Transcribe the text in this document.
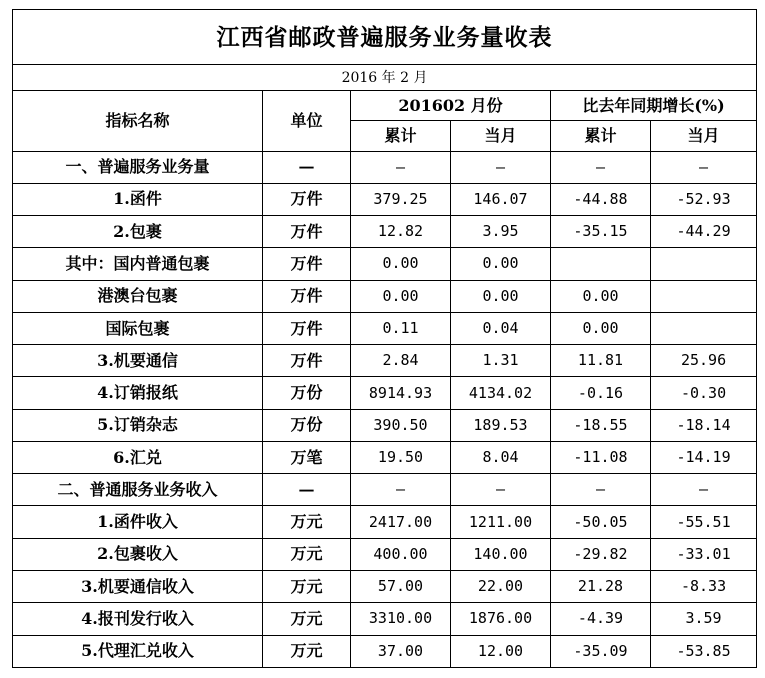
江西省邮政普遍服务业务量收表					
2016 年 2 月					
指标名称	单位	201602 月份		比去年同期增长(%)	
		累计	当月	累计	当月
一、普遍服务业务量	—	—	—	—	—
1.函件	万件	379.25	146.07	-44.88	-52.93
2.包裹	万件	12.82	3.95	-35.15	-44.29
其中：国内普通包裹	万件	0.00	0.00		
港澳台包裹	万件	0.00	0.00	0.00	
国际包裹	万件	0.11	0.04	0.00	
3.机要通信	万件	2.84	1.31	11.81	25.96
4.订销报纸	万份	8914.93	4134.02	-0.16	-0.30
5.订销杂志	万份	390.50	189.53	-18.55	-18.14
6.汇兑	万笔	19.50	8.04	-11.08	-14.19
二、普通服务业务收入	—	—	—	—	—
1.函件收入	万元	2417.00	1211.00	-50.05	-55.51
2.包裹收入	万元	400.00	140.00	-29.82	-33.01
3.机要通信收入	万元	57.00	22.00	21.28	-8.33
4.报刊发行收入	万元	3310.00	1876.00	-4.39	3.59
5.代理汇兑收入	万元	37.00	12.00	-35.09	-53.85
